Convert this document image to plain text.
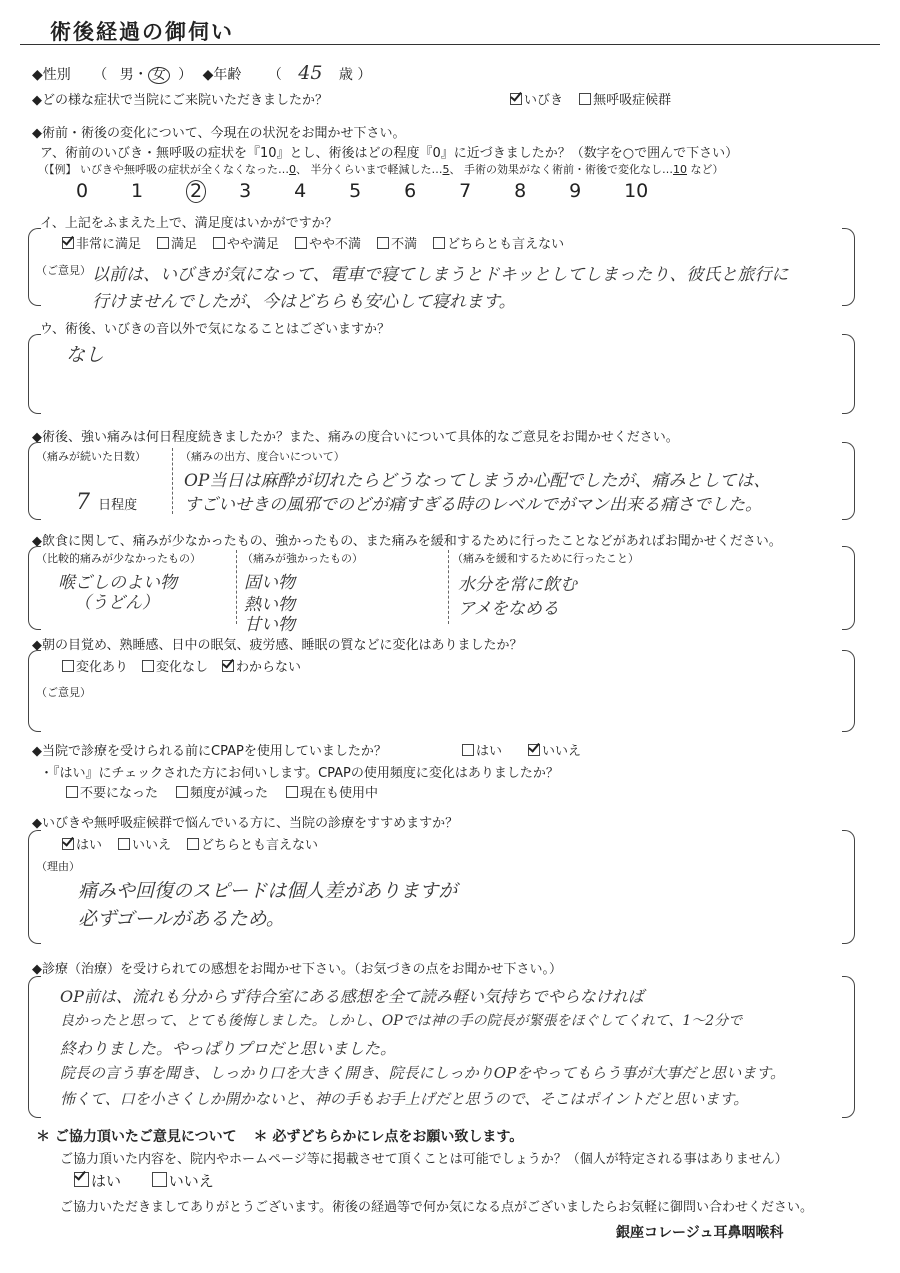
術後経過の御伺い
◆性別 （ 男・ 女 ） ◆年齢 （ 45 歳 ）
◆どの様な症状で当院にご来院いただきましたか？	いびき 無呼吸症候群
◆術前・術後の変化について、今現在の状況をお聞かせ下さい。
ア、術前のいびき・無呼吸の症状を『10』とし、術後はどの程度『0』に近づきましたか？（数字を○で囲んで下さい）
（【例】 いびきや無呼吸の症状が全くなくなった…0、 半分くらいまで軽減した…5、 手術の効果がなく術前・術後で変化なし…10 など）
0 1 2 3 4 5 6 7 8 9 10
イ、上記をふまえた上で、満足度はいかがですか？
非常に満足 満足 やや満足 やや不満 不満 どちらとも言えない
（ご意見） 以前は、いびきが気になって、電車で寝てしまうとドキッとしてしまったり、彼氏と旅行に
行けませんでしたが、今はどちらも安心して寝れます。
ウ、術後、いびきの音以外で気になることはございますか？
なし
◆術後、強い痛みは何日程度続きましたか？また、痛みの度合いについて具体的なご意見をお聞かせください。
（痛みが続いた日数）
7 日程度
（痛みの出方、度合いについて）
OP当日は麻酔が切れたらどうなってしまうか心配でしたが、痛みとしては、
すごいせきの風邪でのどが痛すぎる時のレベルでがマン出来る痛さでした。
◆飲食に関して、痛みが少なかったもの、強かったもの、また痛みを緩和するために行ったことなどがあればお聞かせください。
（比較的痛みが少なかったもの）
喉ごしのよい物
（うどん）
（痛みが強かったもの）
固い物
熱い物
甘い物
（痛みを緩和するために行ったこと）
水分を常に飲む
アメをなめる
◆朝の目覚め、熟睡感、日中の眠気、疲労感、睡眠の質などに変化はありましたか？
変化あり 変化なし わからない
（ご意見）
◆当院で診療を受けられる前にCPAPを使用していましたか？	はい	いいえ
・『はい』にチェックされた方にお伺いします。CPAPの使用頻度に変化はありましたか？
不要になった 頻度が減った 現在も使用中
◆いびきや無呼吸症候群で悩んでいる方に、当院の診療をすすめますか？
はい いいえ どちらとも言えない
（理由）
痛みや回復のスピードは個人差がありますが
必ずゴールがあるため。
◆診療（治療）を受けられての感想をお聞かせ下さい。（お気づきの点をお聞かせ下さい。）
OP前は、流れも分からず待合室にある感想を全て読み軽い気持ちでやらなければ
良かったと思って、とても後悔しました。しかし、OPでは神の手の院長が緊張をほぐしてくれて、1～2分で
終わりました。やっぱりプロだと思いました。
院長の言う事を聞き、しっかり口を大きく開き、院長にしっかりOPをやってもらう事が大事だと思います。
怖くて、口を小さくしか開かないと、神の手もお手上げだと思うので、そこはポイントだと思います。
＊ ご協力頂いたご意見について ＊ 必ずどちらかにレ点をお願い致します。
ご協力頂いた内容を、院内やホームページ等に掲載させて頂くことは可能でしょうか？（個人が特定される事はありません）
はい	いいえ
ご協力いただきましてありがとうございます。術後の経過等で何か気になる点がございましたらお気軽に御問い合わせください。
銀座コレージュ耳鼻咽喉科
